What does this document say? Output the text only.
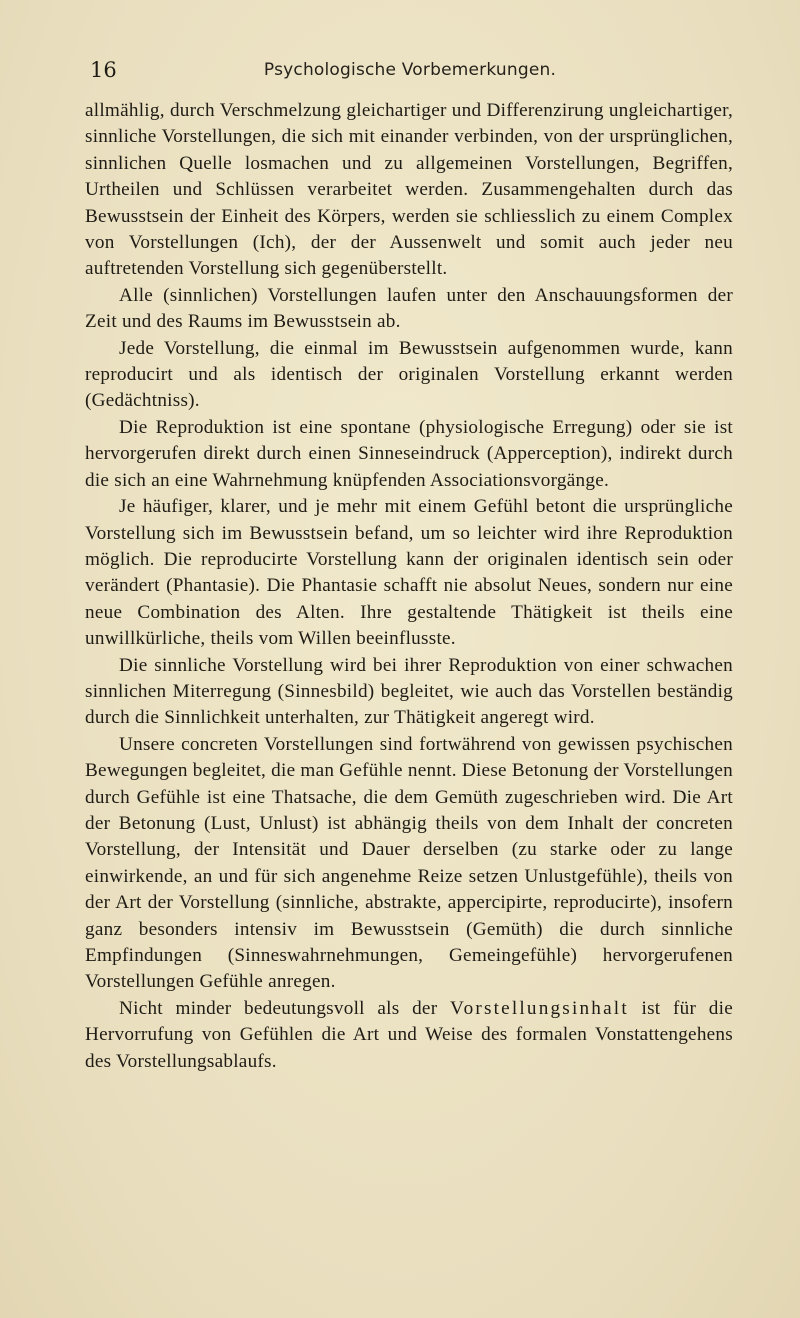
16	Psychologische Vorbemerkungen.

allmählig, durch Verschmelzung gleichartiger und Differenzirung ungleichartiger, sinnliche Vorstellungen, die sich mit einander verbinden, von der ursprünglichen, sinnlichen Quelle losmachen und zu allgemeinen Vorstellungen, Begriffen, Urtheilen und Schlüssen verarbeitet werden. Zusammengehalten durch das Bewusstsein der Einheit des Körpers, werden sie schliesslich zu einem Complex von Vorstellungen (Ich), der der Aussenwelt und somit auch jeder neu auftretenden Vorstellung sich gegenüberstellt.

Alle (sinnlichen) Vorstellungen laufen unter den Anschauungsformen der Zeit und des Raums im Bewusstsein ab.

Jede Vorstellung, die einmal im Bewusstsein aufgenommen wurde, kann reproducirt und als identisch der originalen Vorstellung erkannt werden (Gedächtniss).

Die Reproduktion ist eine spontane (physiologische Erregung) oder sie ist hervorgerufen direkt durch einen Sinneseindruck (Apperception), indirekt durch die sich an eine Wahrnehmung knüpfenden Associationsvorgänge.

Je häufiger, klarer, und je mehr mit einem Gefühl betont die ursprüngliche Vorstellung sich im Bewusstsein befand, um so leichter wird ihre Reproduktion möglich. Die reproducirte Vorstellung kann der originalen identisch sein oder verändert (Phantasie). Die Phantasie schafft nie absolut Neues, sondern nur eine neue Combination des Alten. Ihre gestaltende Thätigkeit ist theils eine unwillkürliche, theils vom Willen beeinflusste.

Die sinnliche Vorstellung wird bei ihrer Reproduktion von einer schwachen sinnlichen Miterregung (Sinnesbild) begleitet, wie auch das Vorstellen beständig durch die Sinnlichkeit unterhalten, zur Thätigkeit angeregt wird.

Unsere concreten Vorstellungen sind fortwährend von gewissen psychischen Bewegungen begleitet, die man Gefühle nennt. Diese Betonung der Vorstellungen durch Gefühle ist eine Thatsache, die dem Gemüth zugeschrieben wird. Die Art der Betonung (Lust, Unlust) ist abhängig theils von dem Inhalt der concreten Vorstellung, der Intensität und Dauer derselben (zu starke oder zu lange einwirkende, an und für sich angenehme Reize setzen Unlustgefühle), theils von der Art der Vorstellung (sinnliche, abstrakte, appercipirte, reproducirte), insofern ganz besonders intensiv im Bewusstsein (Gemüth) die durch sinnliche Empfindungen (Sinneswahrnehmungen, Gemeingefühle) hervorgerufenen Vorstellungen Gefühle anregen.

Nicht minder bedeutungsvoll als der Vorstellungsinhalt ist für die Hervorrufung von Gefühlen die Art und Weise des formalen Vonstattengehens des Vorstellungsablaufs.
